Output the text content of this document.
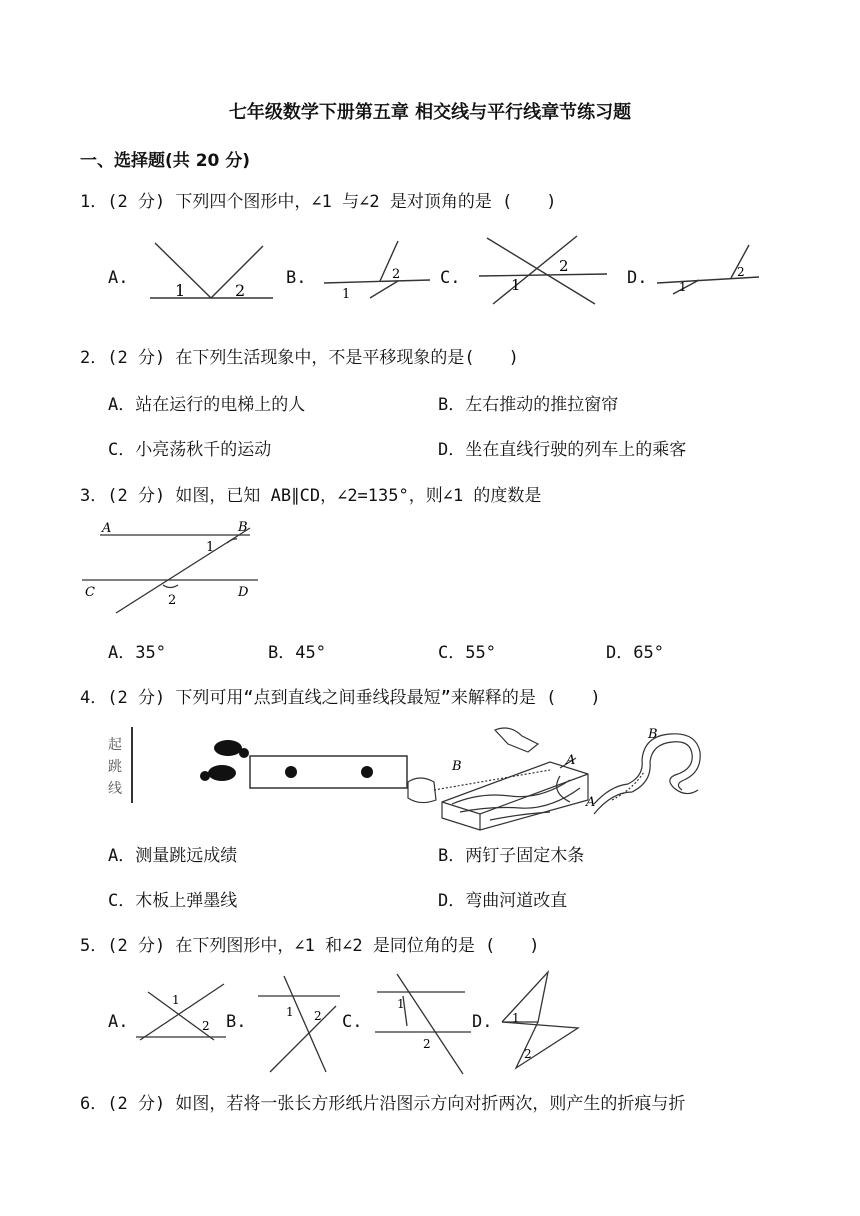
七年级数学下册第五章 相交线与平行线章节练习题
一、选择题(共 20 分)
1．(2 分) 下列四个图形中，∠1 与∠2 是对顶角的是 (　　)
A.	B.	C.	D.
1	2	1
2	2
1	1
2
2．(2 分) 在下列生活现象中，不是平移现象的是(　　)
A．站在运行的电梯上的人	B．左右推动的推拉窗帘
C．小亮荡秋千的运动	D．坐在直线行驶的列车上的乘客
3．(2 分) 如图，已知 AB∥CD，∠2=135°，则∠1 的度数是
A	B
1
C	D
2
A．35°	B．45°	C．55°	D．65°
4．(2 分) 下列可用“点到直线之间垂线段最短”来解释的是 (　　)
起
跳
线
B	A
A
B
A．测量跳远成绩	B．两钉子固定木条
C．木板上弹墨线	D．弯曲河道改直
5．(2 分) 在下列图形中，∠1 和∠2 是同位角的是 (　　)
A.	B.	C.	D.
1
2
1 2
1
2
1
2
6．(2 分) 如图，若将一张长方形纸片沿图示方向对折两次，则产生的折痕与折
